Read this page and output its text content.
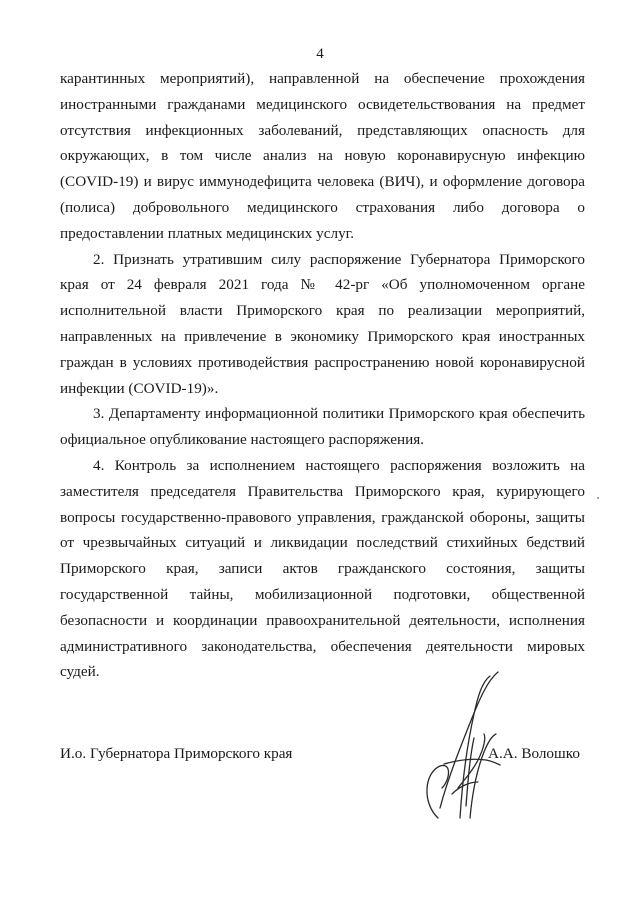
4

карантинных мероприятий), направленной на обеспечение прохождения иностранными гражданами медицинского освидетельствования на предмет отсутствия инфекционных заболеваний, представляющих опасность для окружающих, в том числе анализ на новую коронавирусную инфекцию (COVID-19) и вирус иммунодефицита человека (ВИЧ), и оформление договора (полиса) добровольного медицинского страхования либо договора о предоставлении платных медицинских услуг.

2. Признать утратившим силу распоряжение Губернатора Приморского края от 24 февраля 2021 года № 42-рг «Об уполномоченном органе исполнительной власти Приморского края по реализации мероприятий, направленных на привлечение в экономику Приморского края иностранных граждан в условиях противодействия распространению новой коронавирусной инфекции (COVID-19)».

3. Департаменту информационной политики Приморского края обеспечить официальное опубликование настоящего распоряжения.

4. Контроль за исполнением настоящего распоряжения возложить на заместителя председателя Правительства Приморского края, курирующего вопросы государственно-правового управления, гражданской обороны, защиты от чрезвычайных ситуаций и ликвидации последствий стихийных бедствий Приморского края, записи актов гражданского состояния, защиты государственной тайны, мобилизационной подготовки, общественной безопасности и координации правоохранительной деятельности, исполнения административного законодательства, обеспечения деятельности мировых судей.

И.о. Губернатора Приморского края	А.А. Волошко
